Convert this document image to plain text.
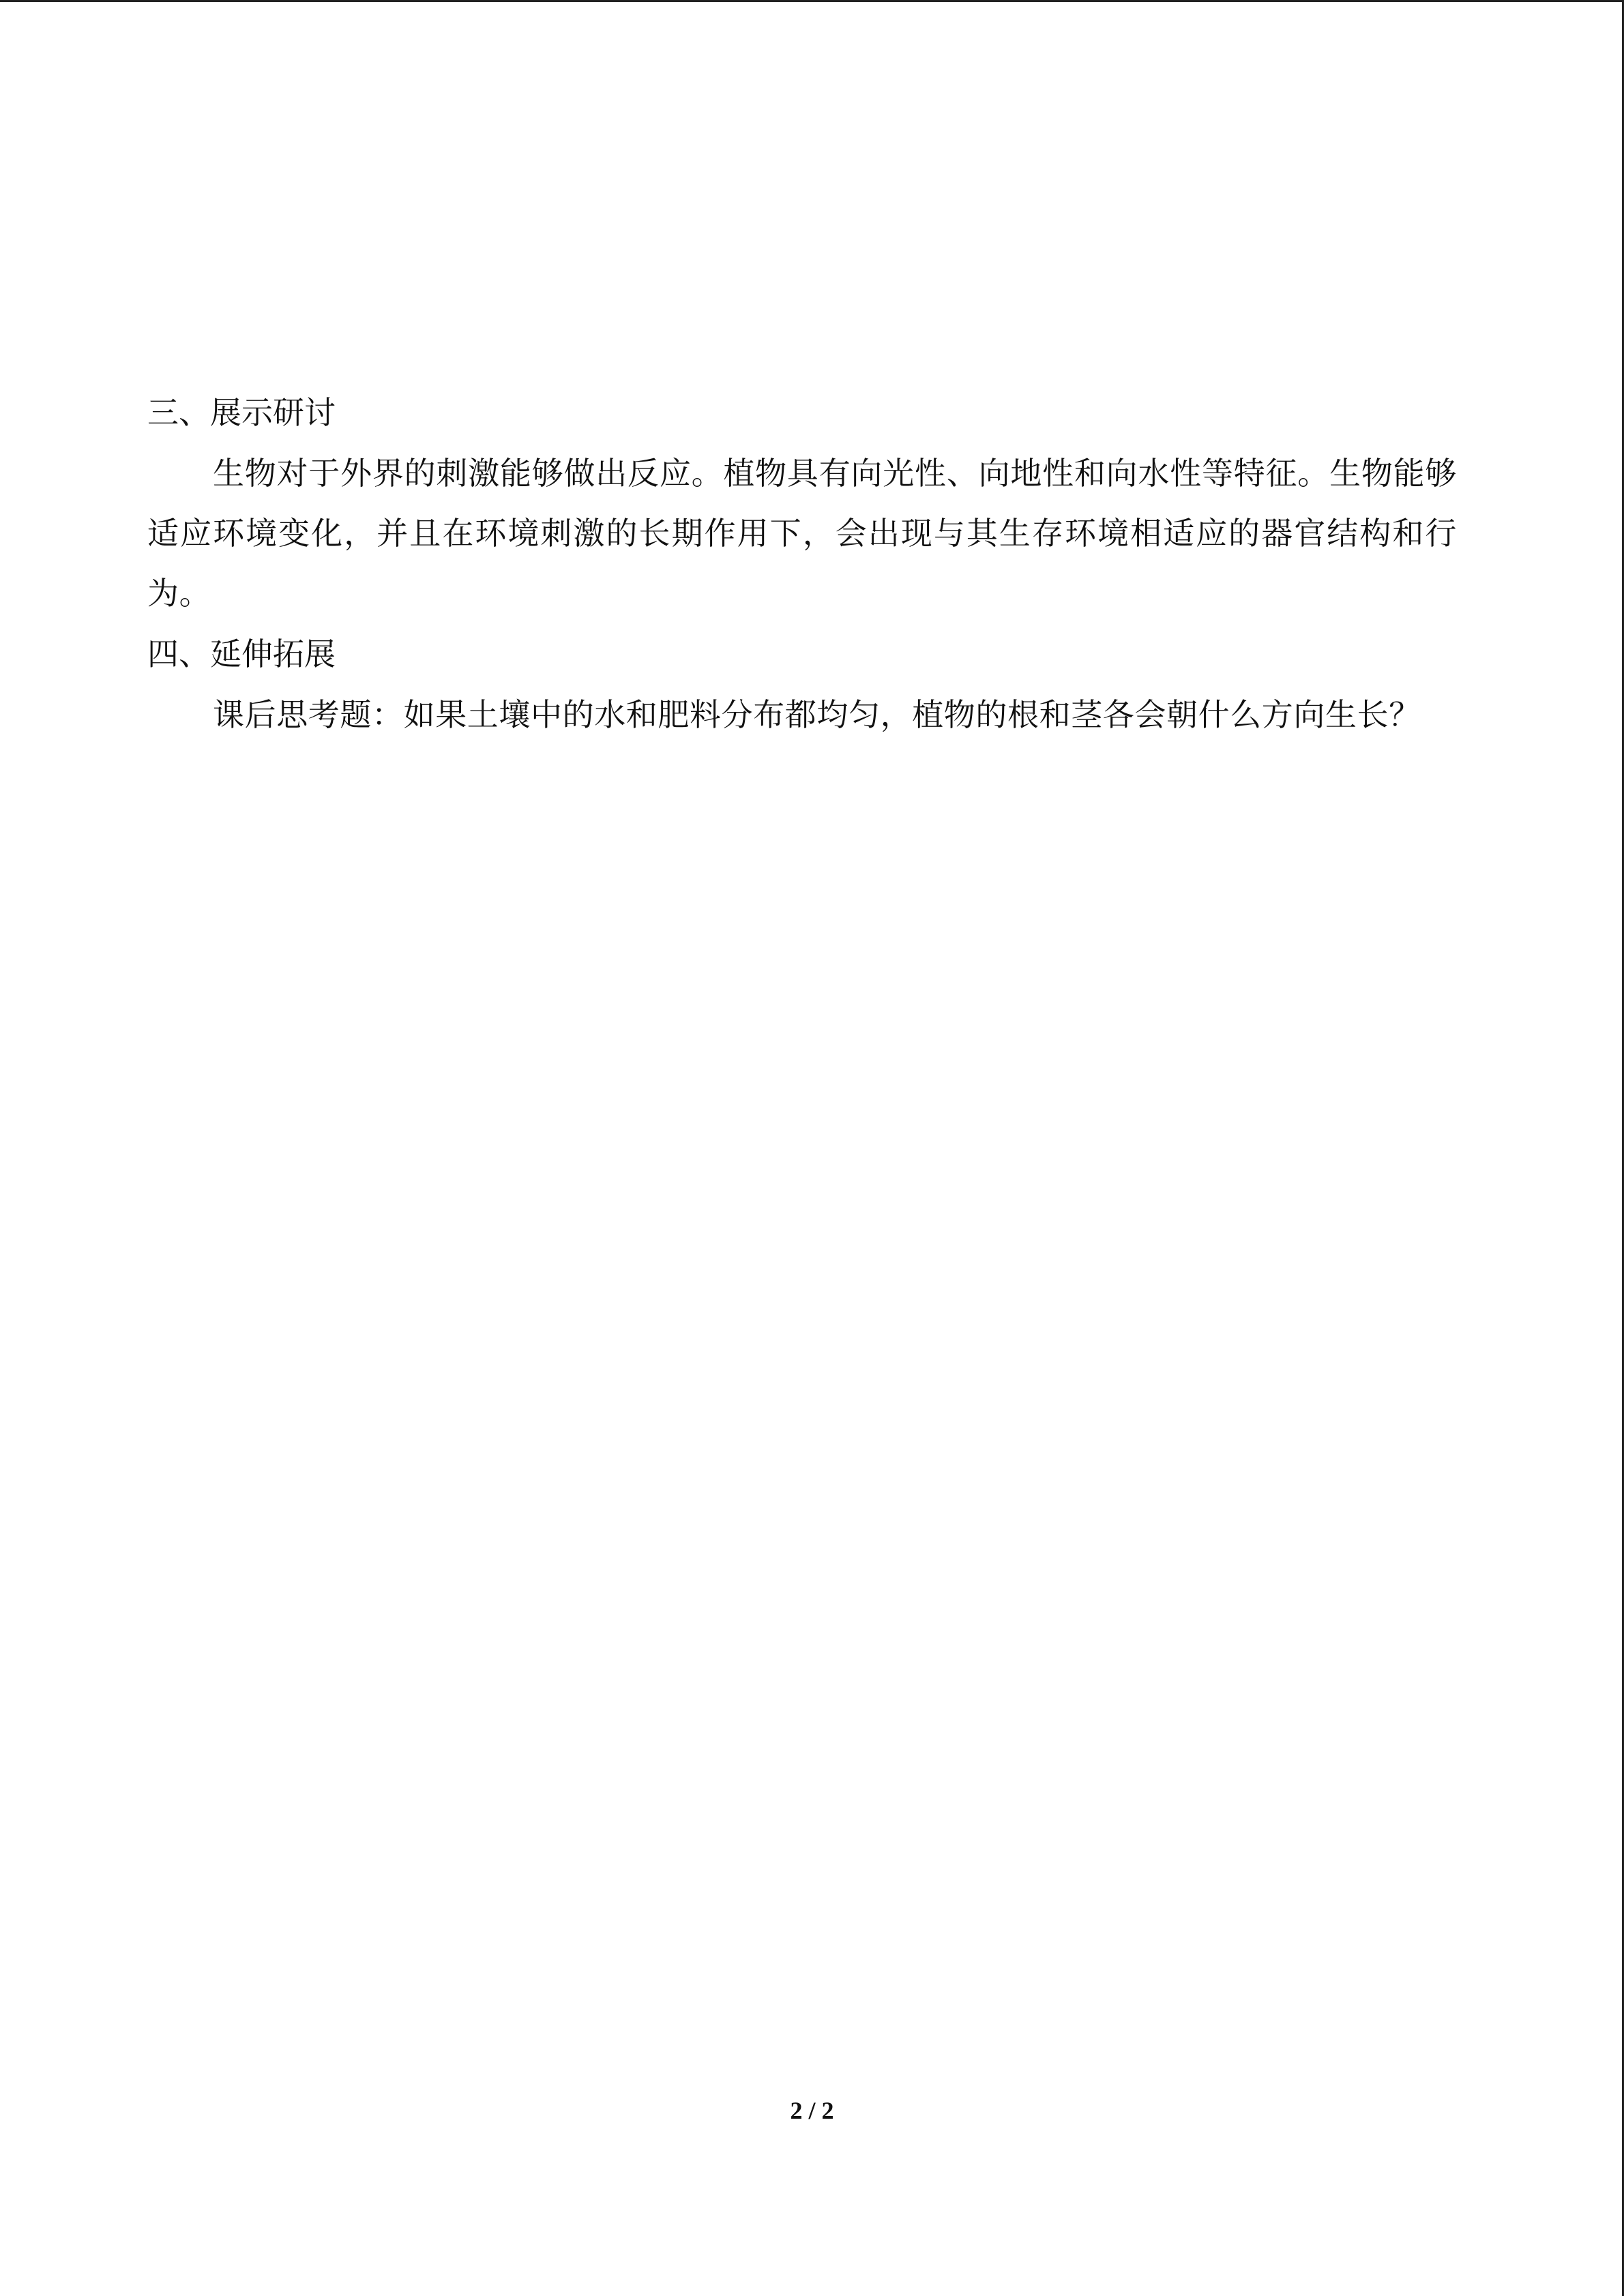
三、展示研讨

生物对于外界的刺激能够做出反应。植物具有向光性、向地性和向水性等特征。生物能够适应环境变化，并且在环境刺激的长期作用下，会出现与其生存环境相适应的器官结构和行为。

四、延伸拓展

课后思考题：如果土壤中的水和肥料分布都均匀，植物的根和茎各会朝什么方向生长？

2 / 2
